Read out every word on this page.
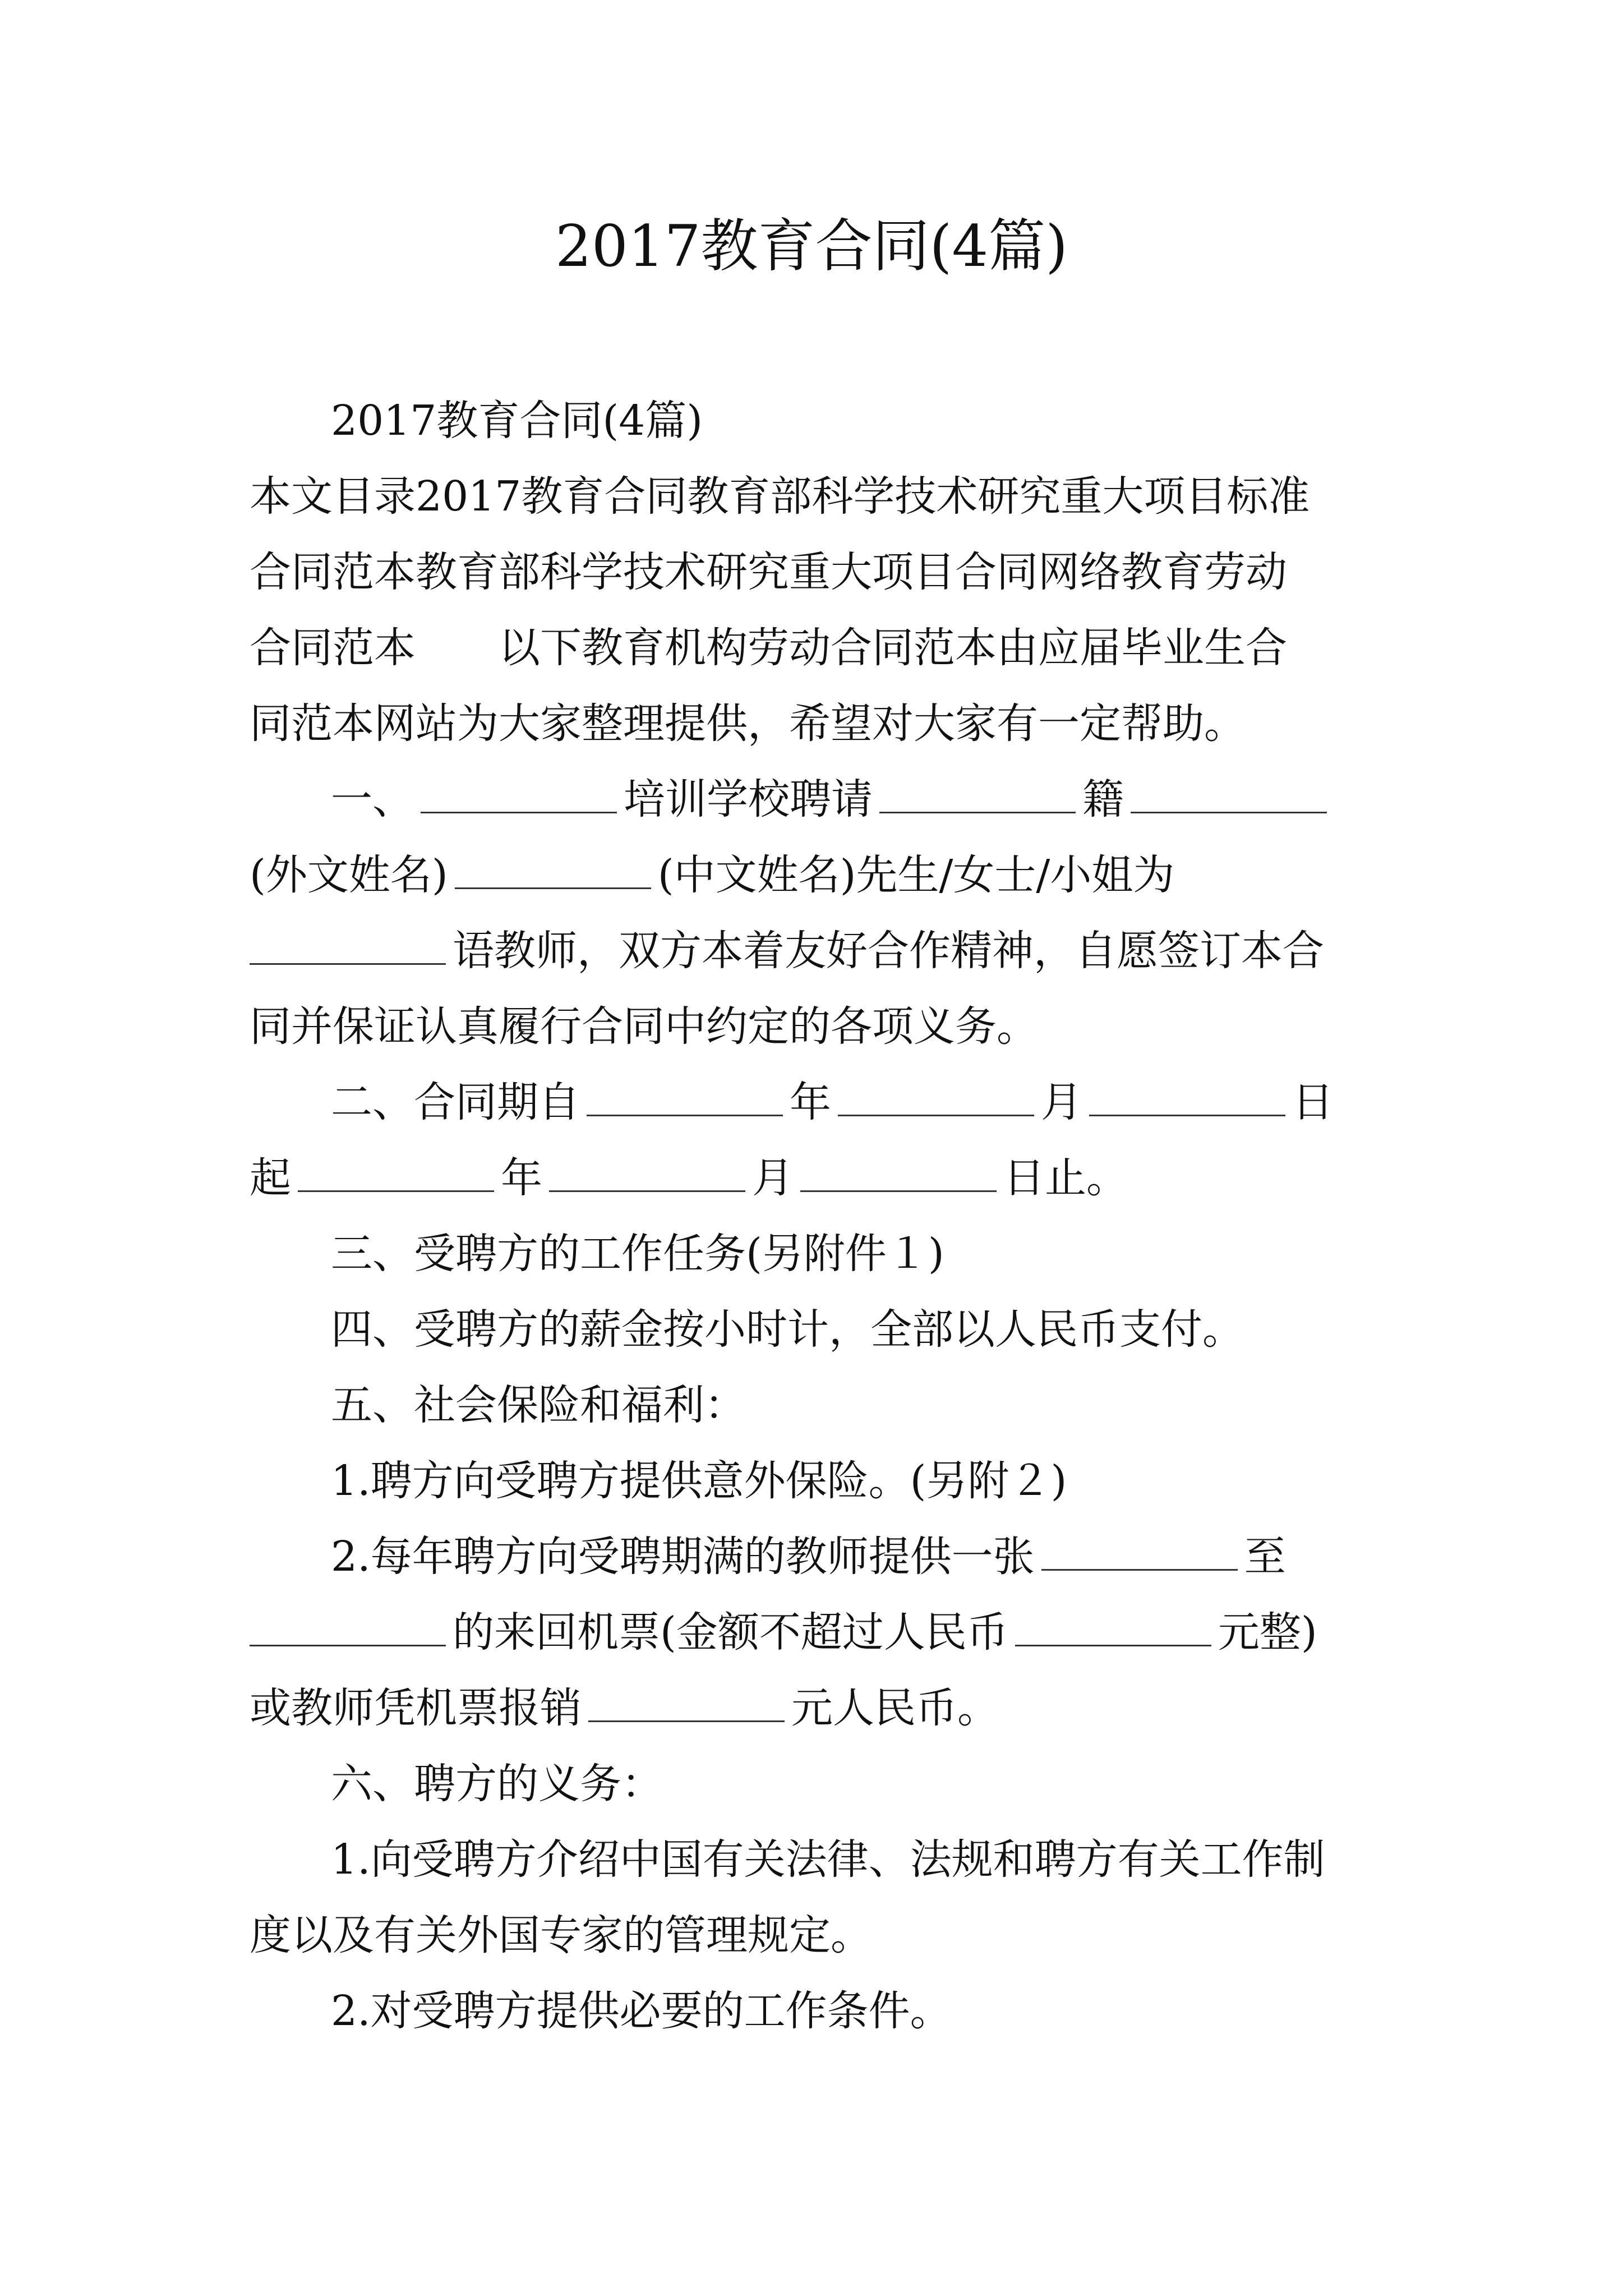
2017教育合同(4篇)
2017教育合同(4篇)
本文目录2017教育合同教育部科学技术研究重大项目标准
合同范本教育部科学技术研究重大项目合同网络教育劳动
合同范本　　以下教育机构劳动合同范本由应届毕业生合
同范本网站为大家整理提供，希望对大家有一定帮助。
一、	培训学校聘请	籍
(外文姓名)	(中文姓名)先生/女士/小姐为
语教师，双方本着友好合作精神，自愿签订本合
同并保证认真履行合同中约定的各项义务。
二、合同期自	年	月	日
起	年	月	日止。
三、受聘方的工作任务(另附件１)
四、受聘方的薪金按小时计，全部以人民币支付。
五、社会保险和福利：
1.聘方向受聘方提供意外保险。(另附２)
2.每年聘方向受聘期满的教师提供一张	至
的来回机票(金额不超过人民币	元整)
或教师凭机票报销	元人民币。
六、聘方的义务：
1.向受聘方介绍中国有关法律、法规和聘方有关工作制
度以及有关外国专家的管理规定。
2.对受聘方提供必要的工作条件。
